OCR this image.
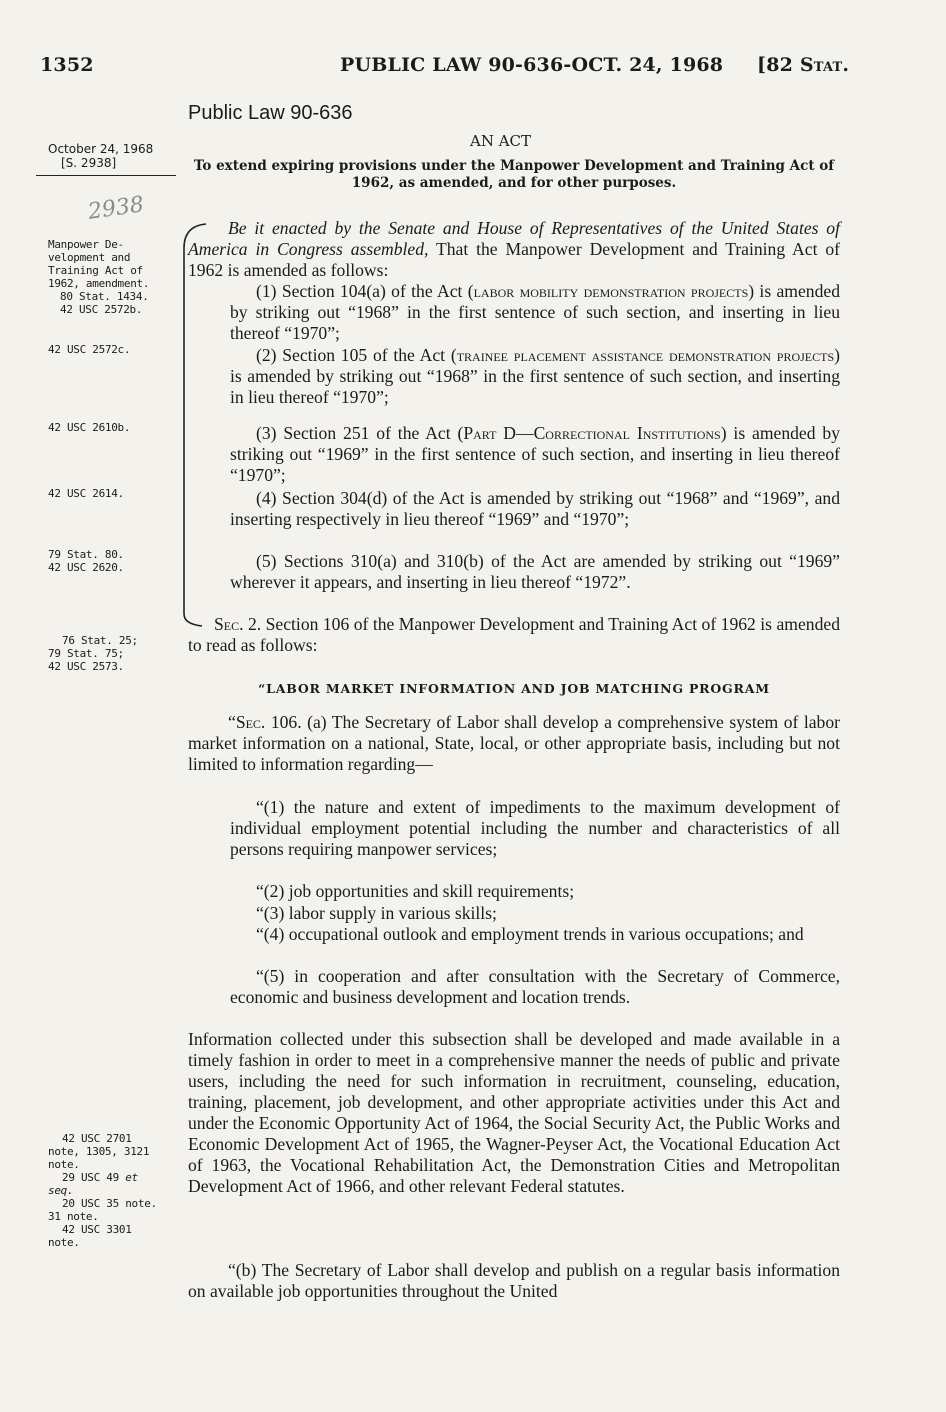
1352	PUBLIC LAW 90-636-OCT. 24, 1968 [82 Stat.
Public Law 90-636
AN ACT
October 24, 1968
[S. 2938]	To extend expiring provisions under the Manpower Development and Training Act of 1962, as amended, and for other purposes.
2938
Manpower De-
velopment and
Training Act of
1962, amendment.
80 Stat. 1434.
42 USC 2572b.
42 USC 2572c.
42 USC 2610b.
42 USC 2614.
79 Stat. 80.
42 USC 2620.
76 Stat. 25;
79 Stat. 75;
42 USC 2573.
42 USC 2701
note, 1305, 3121
note.
29 USC 49 et
seq.
20 USC 35 note.
31 note.
42 USC 3301
note.
Be it enacted by the Senate and House of Representatives of the United States of America in Congress assembled, That the Manpower Development and Training Act of 1962 is amended as follows:
(1) Section 104(a) of the Act (labor mobility demonstration projects) is amended by striking out “1968” in the first sentence of such section, and inserting in lieu thereof “1970”;
(2) Section 105 of the Act (trainee placement assistance demonstration projects) is amended by striking out “1968” in the first sentence of such section, and inserting in lieu thereof “1970”;
(3) Section 251 of the Act (Part D—Correctional Institutions) is amended by striking out “1969” in the first sentence of such section, and inserting in lieu thereof “1970”;
(4) Section 304(d) of the Act is amended by striking out “1968” and “1969”, and inserting respectively in lieu thereof “1969” and “1970”;
(5) Sections 310(a) and 310(b) of the Act are amended by striking out “1969” wherever it appears, and inserting in lieu thereof “1972”.
Sec. 2. Section 106 of the Manpower Development and Training Act of 1962 is amended to read as follows:
“LABOR MARKET INFORMATION AND JOB MATCHING PROGRAM
“Sec. 106. (a) The Secretary of Labor shall develop a comprehensive system of labor market information on a national, State, local, or other appropriate basis, including but not limited to information regarding—
“(1) the nature and extent of impediments to the maximum development of individual employment potential including the number and characteristics of all persons requiring manpower services;
“(2) job opportunities and skill requirements;
“(3) labor supply in various skills;
“(4) occupational outlook and employment trends in various occupations; and
“(5) in cooperation and after consultation with the Secretary of Commerce, economic and business development and location trends.
Information collected under this subsection shall be developed and made available in a timely fashion in order to meet in a comprehensive manner the needs of public and private users, including the need for such information in recruitment, counseling, education, training, placement, job development, and other appropriate activities under this Act and under the Economic Opportunity Act of 1964, the Social Security Act, the Public Works and Economic Development Act of 1965, the Wagner-Peyser Act, the Vocational Education Act of 1963, the Vocational Rehabilitation Act, the Demonstration Cities and Metropolitan Development Act of 1966, and other relevant Federal statutes.
“(b) The Secretary of Labor shall develop and publish on a regular basis information on available job opportunities throughout the United
